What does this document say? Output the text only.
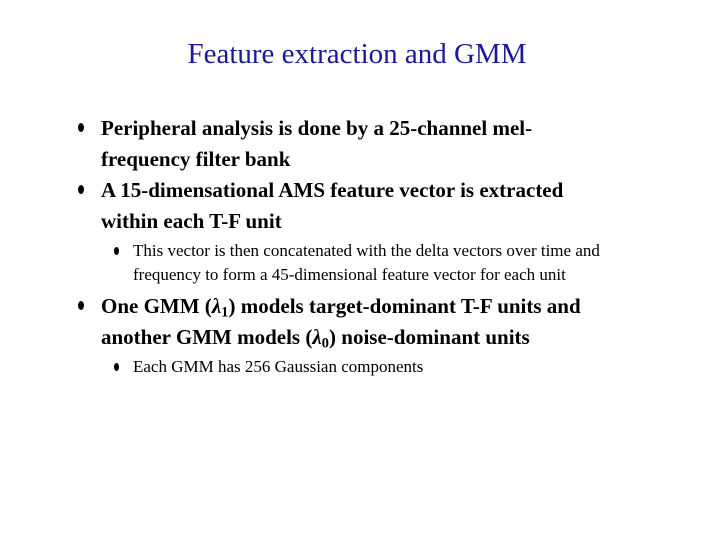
Feature extraction and GMM
Peripheral analysis is done by a 25-channel mel-
frequency filter bank
A 15-dimensational AMS feature vector is extracted
within each T-F unit
This vector is then concatenated with the delta vectors over time and
frequency to form a 45-dimensional feature vector for each unit
One GMM $(\lambda_1)$ models target-dominant T-F units and
another GMM models $(\lambda_0)$ noise-dominant units
Each GMM has 256 Gaussian components
